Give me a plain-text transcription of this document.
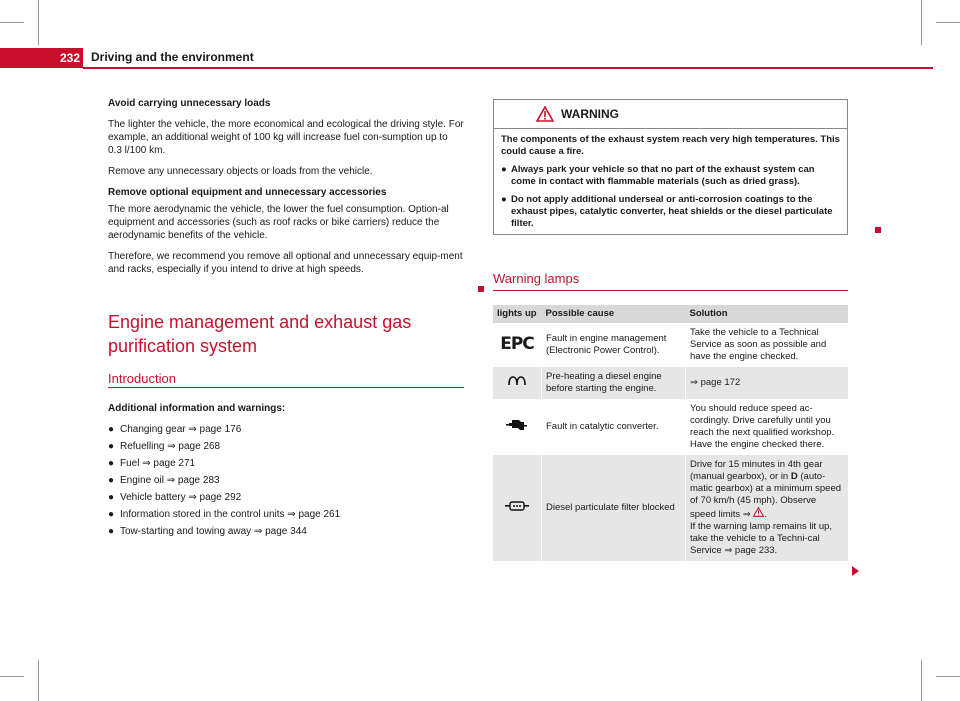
232 Driving and the environment

Avoid carrying unnecessary loads

The lighter the vehicle, the more economical and ecological the driving style. For example, an additional weight of 100 kg will increase fuel con-sumption up to 0.3 l/100 km.

Remove any unnecessary objects or loads from the vehicle.

Remove optional equipment and unnecessary accessories

The more aerodynamic the vehicle, the lower the fuel consumption. Option-al equipment and accessories (such as roof racks or bike carriers) reduce the aerodynamic benefits of the vehicle.

Therefore, we recommend you remove all optional and unnecessary equip-ment and racks, especially if you intend to drive at high speeds.

Engine management and exhaust gas purification system
Introduction

Additional information and warnings:

● Changing gear ⇒ page 176
● Refuelling ⇒ page 268
● Fuel ⇒ page 271
● Engine oil ⇒ page 283
● Vehicle battery ⇒ page 292
● Information stored in the control units ⇒ page 261
● Tow-starting and towing away ⇒ page 344
WARNING

The components of the exhaust system reach very high temperatures. This could cause a fire.

● Always park your vehicle so that no part of the exhaust system can come in contact with flammable materials (such as dried grass).

● Do not apply additional underseal or anti-corrosion coatings to the exhaust pipes, catalytic converter, heat shields or the diesel particulate filter.

Warning lamps
lights up	Possible cause	Solution
EPC	Fault in engine management (Electronic Power Control).	Take the vehicle to a Technical Service as soon as possible and have the engine checked.
	Pre-heating a diesel engine before starting the engine.	⇒ page 172
	Fault in catalytic converter.	You should reduce speed ac-cordingly. Drive carefully until you reach the next qualified workshop. Have the engine checked there.
	Diesel particulate filter blocked	Drive for 15 minutes in 4th gear (manual gearbox), or in D (auto-matic gearbox) at a minimum speed of 70 km/h (45 mph). Observe speed limits ⇒ .
If the warning lamp remains lit up, take the vehicle to a Techni-cal Service ⇒ page 233.
